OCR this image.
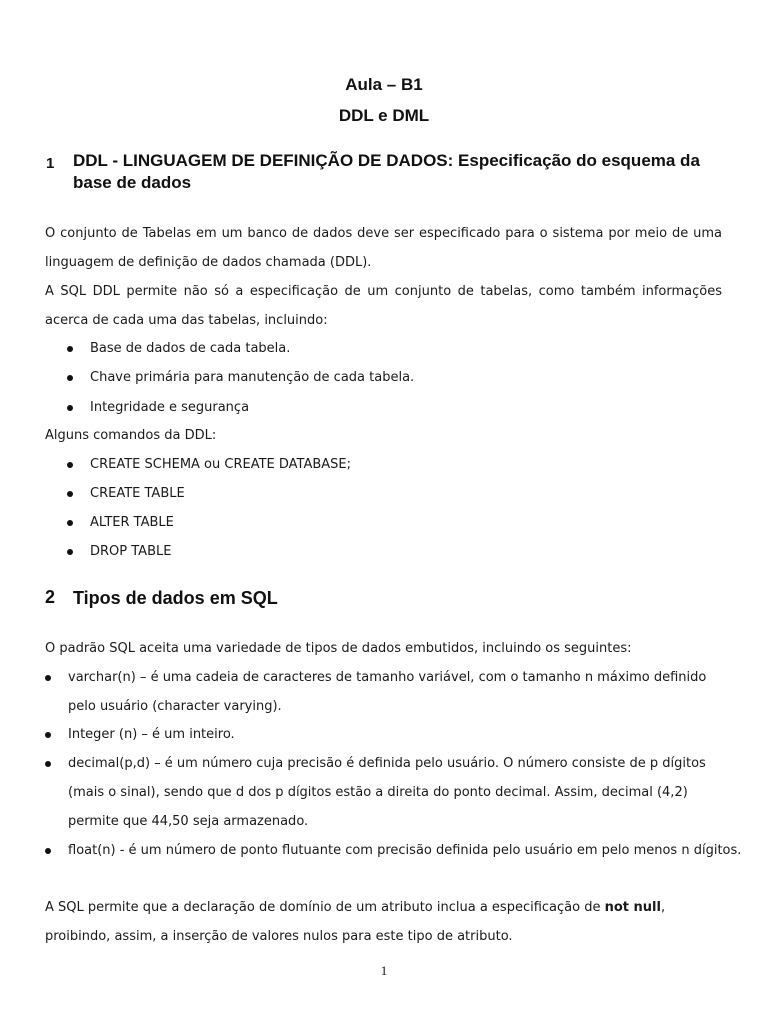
Aula – B1
DDL e DML
1 DDL - LINGUAGEM DE DEFINIÇÃO DE DADOS: Especificação do esquema da base de dados
O conjunto de Tabelas em um banco de dados deve ser especificado para o sistema por meio de uma linguagem de definição de dados chamada (DDL).
A SQL DDL permite não só a especificação de um conjunto de tabelas, como também informações acerca de cada uma das tabelas, incluindo:
Base de dados de cada tabela.
Chave primária para manutenção de cada tabela.
Integridade e segurança
Alguns comandos da DDL:
CREATE SCHEMA ou CREATE DATABASE;
CREATE TABLE
ALTER TABLE
DROP TABLE
2 Tipos de dados em SQL
O padrão SQL aceita uma variedade de tipos de dados embutidos, incluindo os seguintes:
varchar(n) – é uma cadeia de caracteres de tamanho variável, com o tamanho n máximo definido pelo usuário (character varying).
Integer (n) – é um inteiro.
decimal(p,d) – é um número cuja precisão é definida pelo usuário. O número consiste de p dígitos (mais o sinal), sendo que d dos p dígitos estão a direita do ponto decimal. Assim, decimal (4,2) permite que 44,50 seja armazenado.
float(n) - é um número de ponto flutuante com precisão definida pelo usuário em pelo menos n dígitos.
A SQL permite que a declaração de domínio de um atributo inclua a especificação de not null, proibindo, assim, a inserção de valores nulos para este tipo de atributo.
1
